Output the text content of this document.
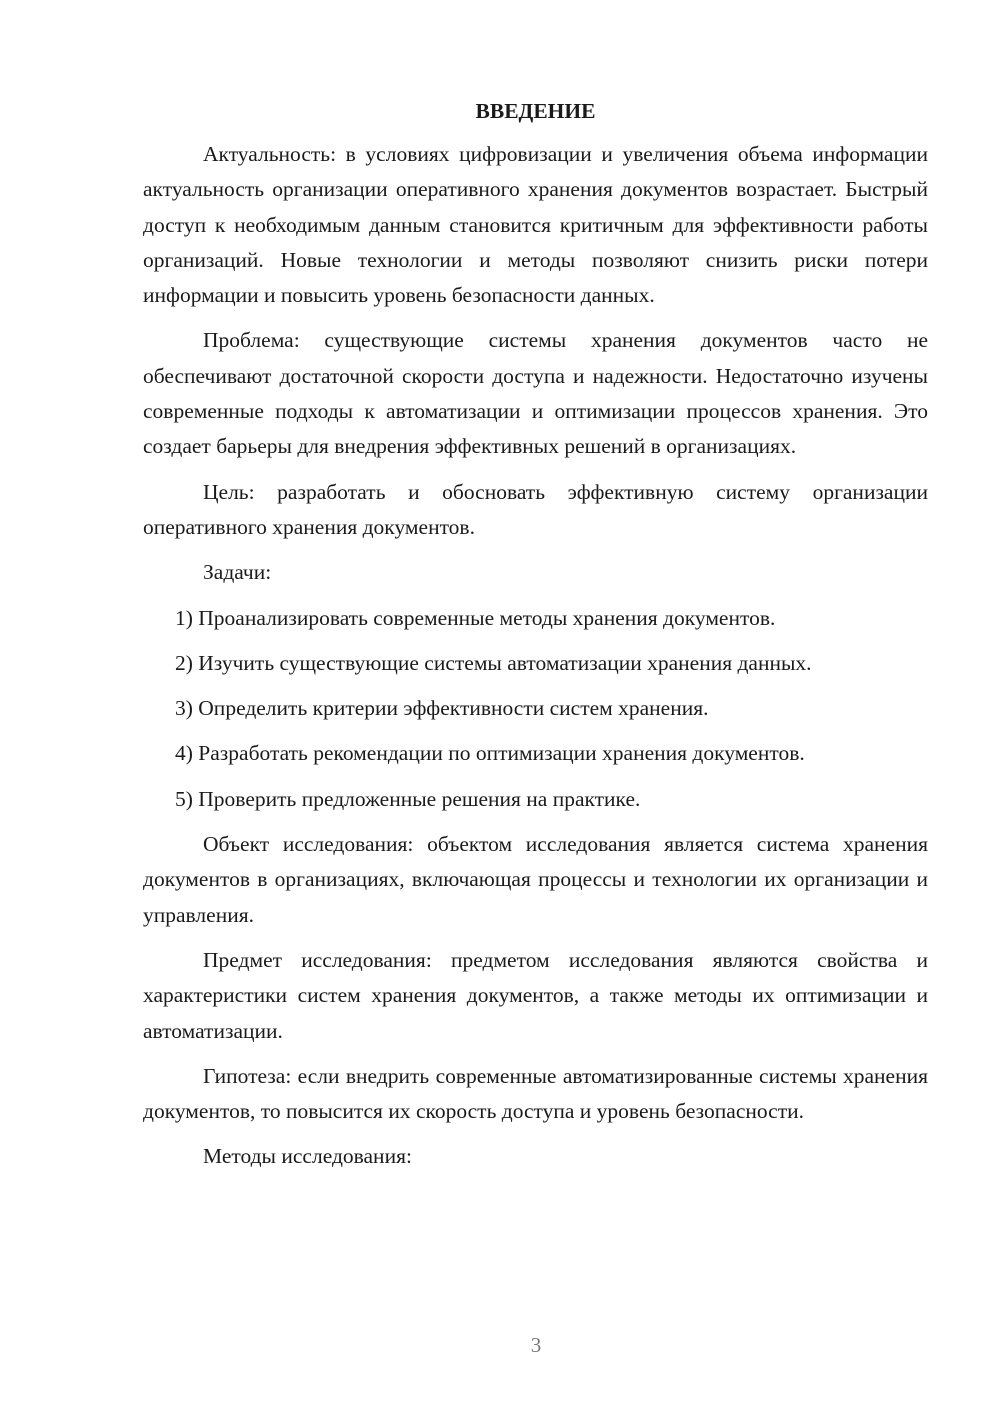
ВВЕДЕНИЕ

Актуальность: в условиях цифровизации и увеличения объема информации актуальность организации оперативного хранения документов возрастает. Быстрый доступ к необходимым данным становится критичным для эффективности работы организаций. Новые технологии и методы позволяют снизить риски потери информации и повысить уровень безопасности данных.

Проблема: существующие системы хранения документов часто не обеспечивают достаточной скорости доступа и надежности. Недостаточно изучены современные подходы к автоматизации и оптимизации процессов хранения. Это создает барьеры для внедрения эффективных решений в организациях.

Цель: разработать и обосновать эффективную систему организации оперативного хранения документов.

Задачи:

1) Проанализировать современные методы хранения документов.

2) Изучить существующие системы автоматизации хранения данных.

3) Определить критерии эффективности систем хранения.

4) Разработать рекомендации по оптимизации хранения документов.

5) Проверить предложенные решения на практике.

Объект исследования: объектом исследования является система хранения документов в организациях, включающая процессы и технологии их организации и управления.

Предмет исследования: предметом исследования являются свойства и характеристики систем хранения документов, а также методы их оптимизации и автоматизации.

Гипотеза: если внедрить современные автоматизированные системы хранения документов, то повысится их скорость доступа и уровень безопасности.

Методы исследования:

3
